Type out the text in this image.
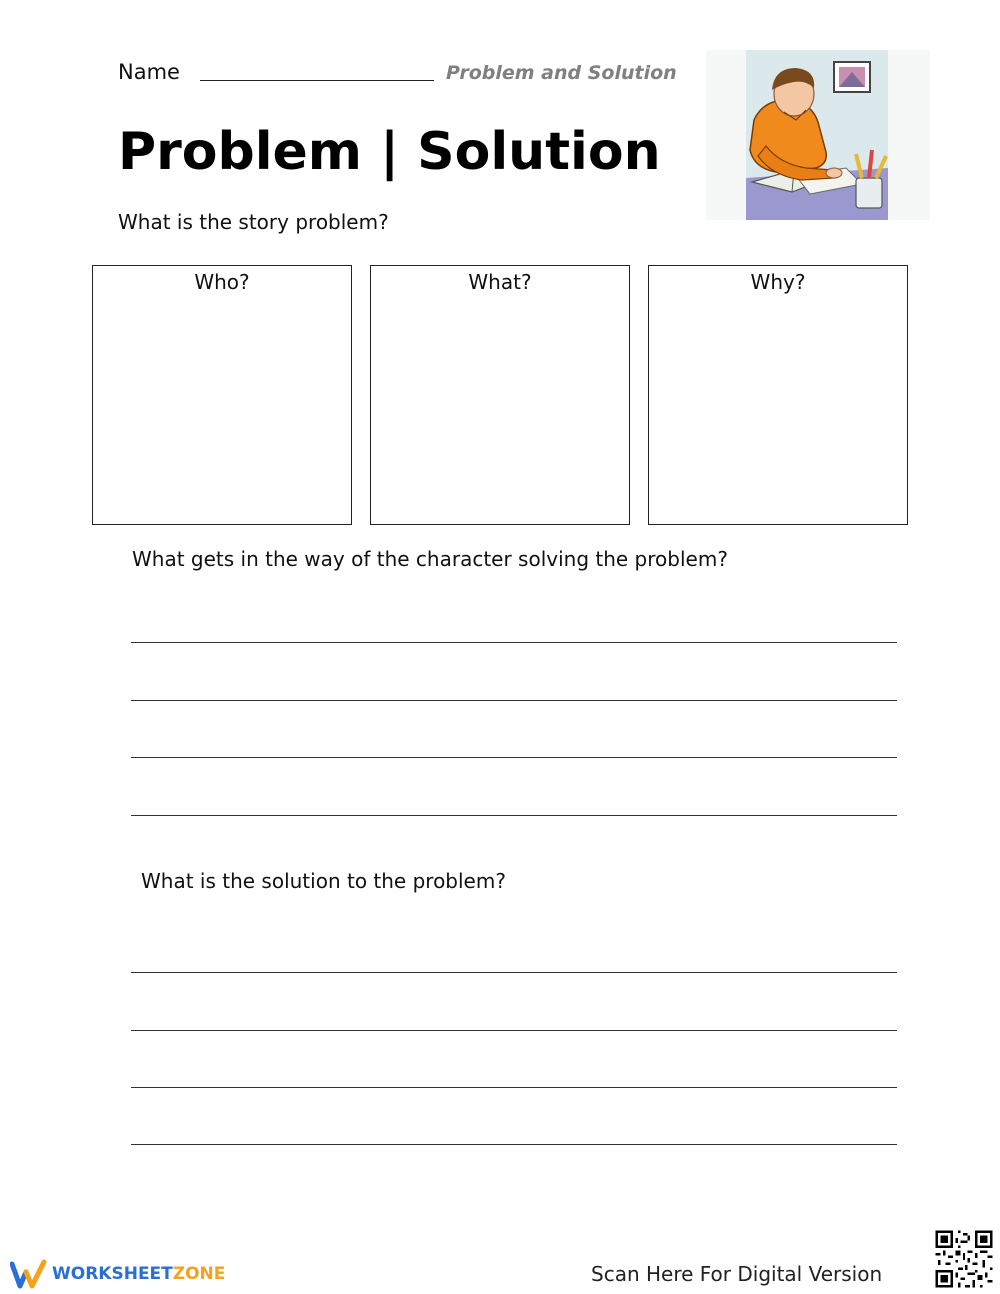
Name	Problem and Solution
Problem | Solution

What is the story problem?

Who?	What?	Why?

What gets in the way of the character solving the problem?

What is the solution to the problem?

WORKSHEETZONE	Scan Here For Digital Version
